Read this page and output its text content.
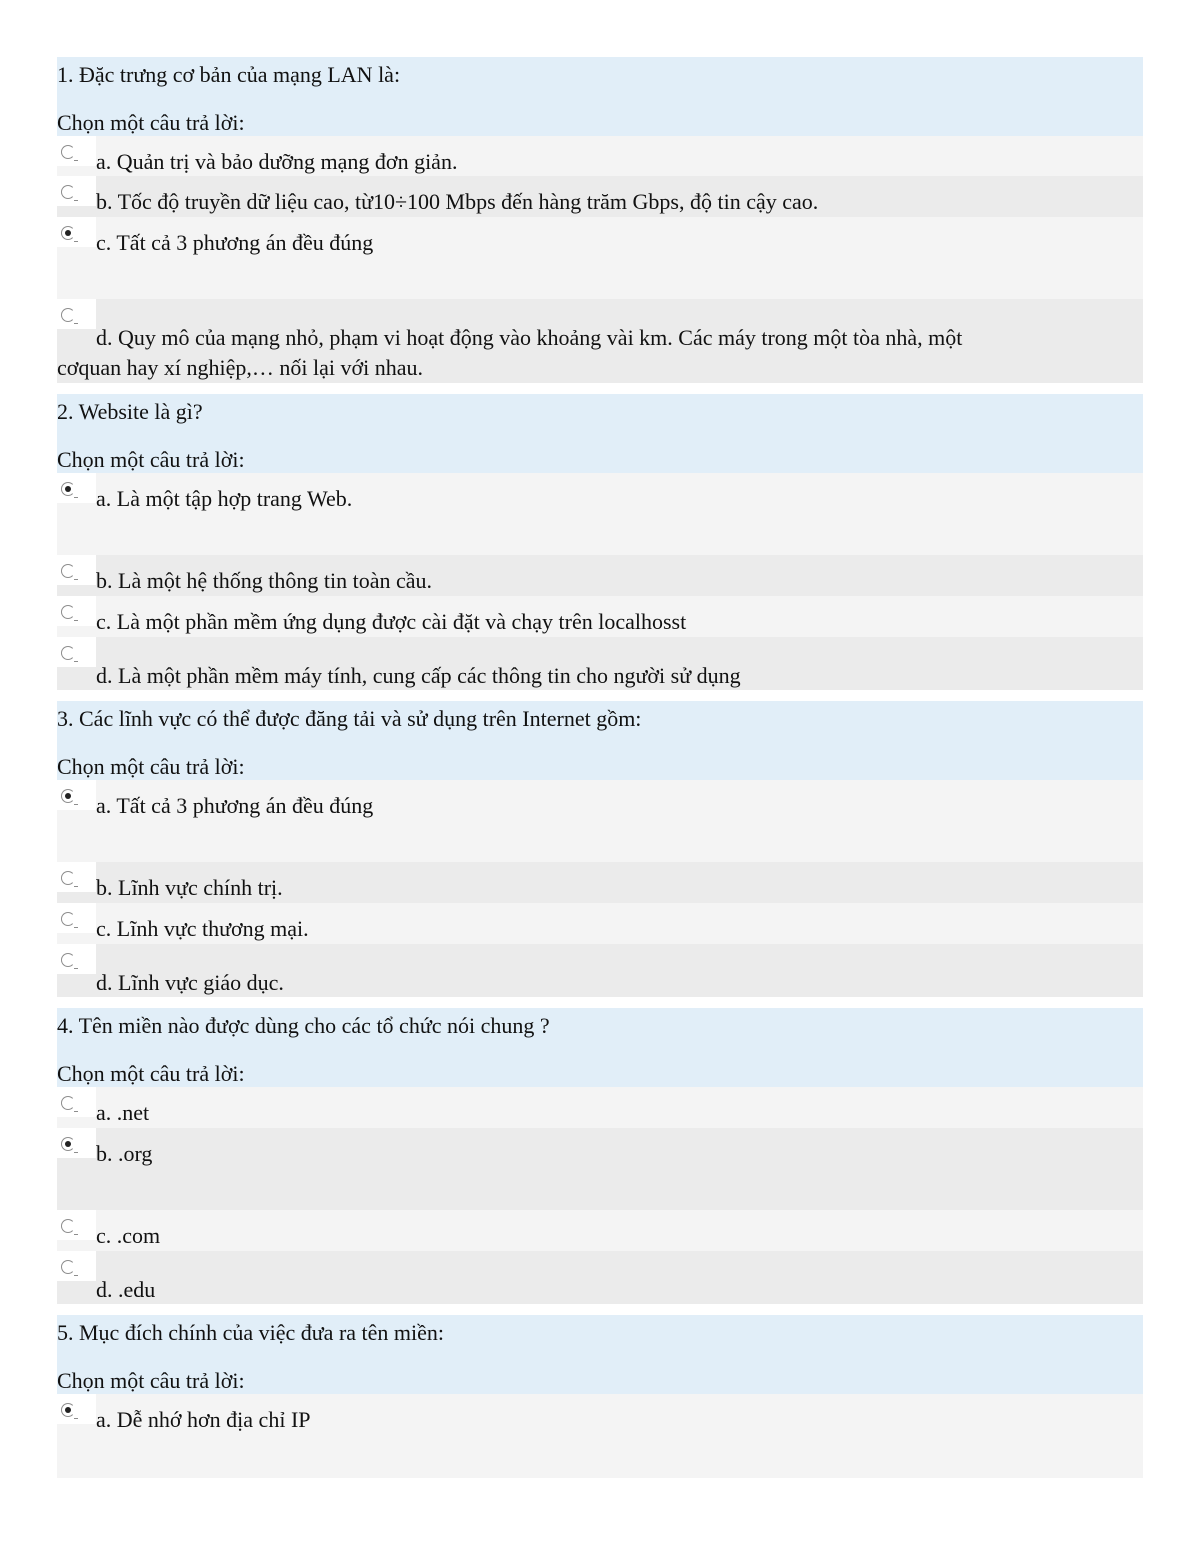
1. Đặc trưng cơ bản của mạng LAN là:
Chọn một câu trả lời:
a. Quản trị và bảo dưỡng mạng đơn giản.
b. Tốc độ truyền dữ liệu cao, từ10÷100 Mbps đến hàng trăm Gbps, độ tin cậy cao.
c. Tất cả 3 phương án đều đúng
d. Quy mô của mạng nhỏ, phạm vi hoạt động vào khoảng vài km. Các máy trong một tòa nhà, một
cơquan hay xí nghiệp,… nối lại với nhau.
2. Website là gì?
Chọn một câu trả lời:
a. Là một tập hợp trang Web.
b. Là một hệ thống thông tin toàn cầu.
c. Là một phần mềm ứng dụng được cài đặt và chạy trên localhosst
d. Là một phần mềm máy tính, cung cấp các thông tin cho người sử dụng
3. Các lĩnh vực có thể được đăng tải và sử dụng trên Internet gồm:
Chọn một câu trả lời:
a. Tất cả 3 phương án đều đúng
b. Lĩnh vực chính trị.
c. Lĩnh vực thương mại.
d. Lĩnh vực giáo dục.
4. Tên miền nào được dùng cho các tổ chức nói chung ?
Chọn một câu trả lời:
a. .net
b. .org
c. .com
d. .edu
5. Mục đích chính của việc đưa ra tên miền:
Chọn một câu trả lời:
a. Dễ nhớ hơn địa chỉ IP
